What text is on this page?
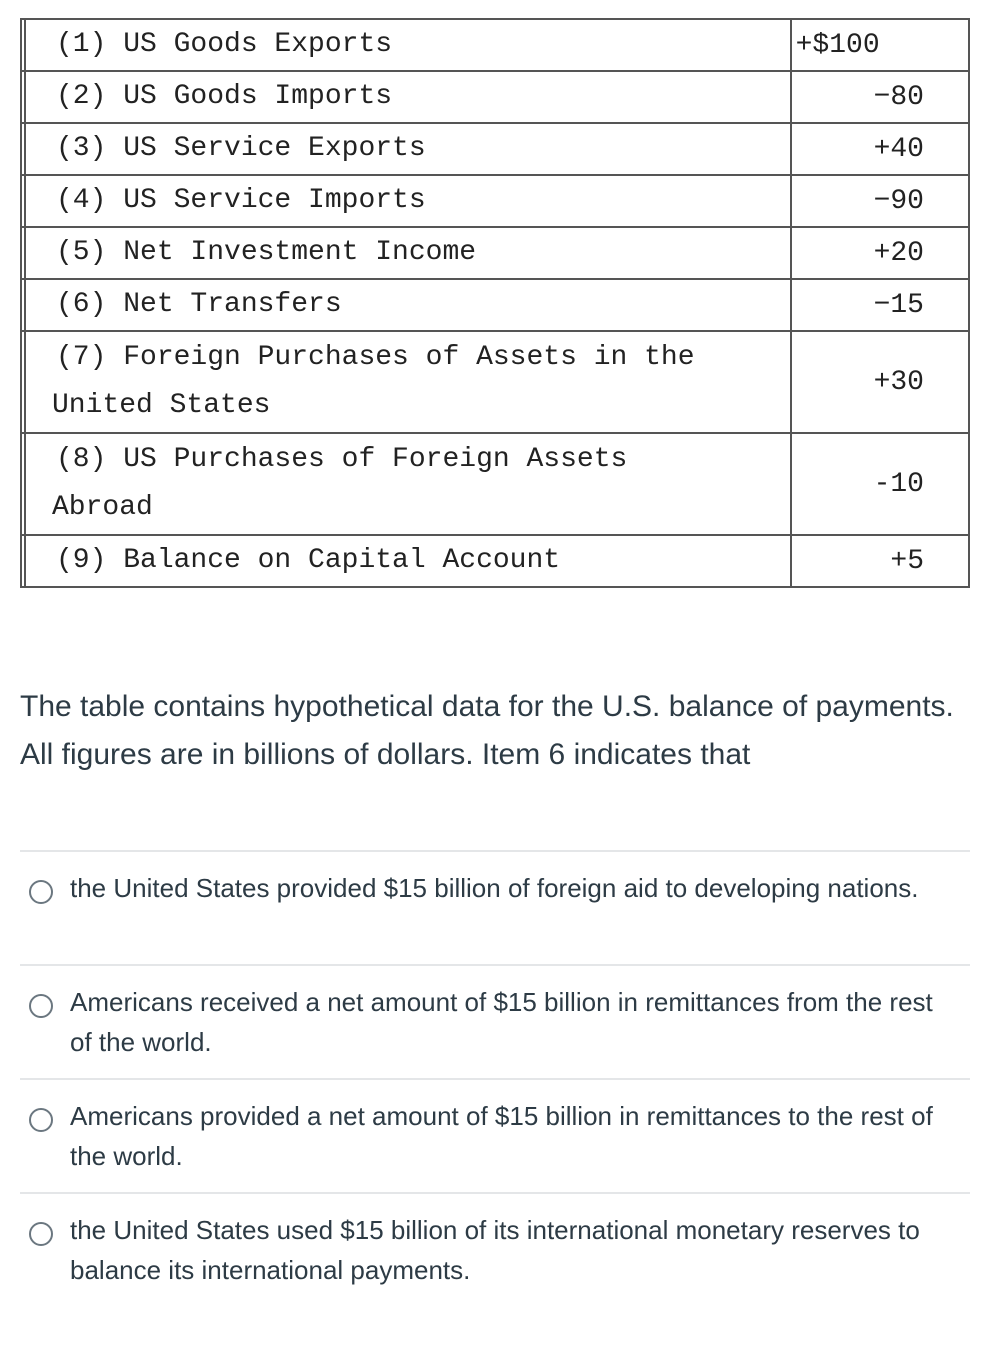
(1) US Goods Exports	+$100
(2) US Goods Imports	−80
(3) US Service Exports	+40
(4) US Service Imports	−90
(5) Net Investment Income	+20
(6) Net Transfers	−15

(7) Foreign Purchases of Assets in the
United States	+30

(8) US Purchases of Foreign Assets
Abroad	-10
(9) Balance on Capital Account	+5
The table contains hypothetical data for the U.S. balance of payments. All figures are in billions of dollars. Item 6 indicates that
the United States provided $15 billion of foreign aid to developing nations.
Americans received a net amount of $15 billion in remittances from the rest of the world.
Americans provided a net amount of $15 billion in remittances to the rest of the world.
the United States used $15 billion of its international monetary reserves to balance its international payments.
